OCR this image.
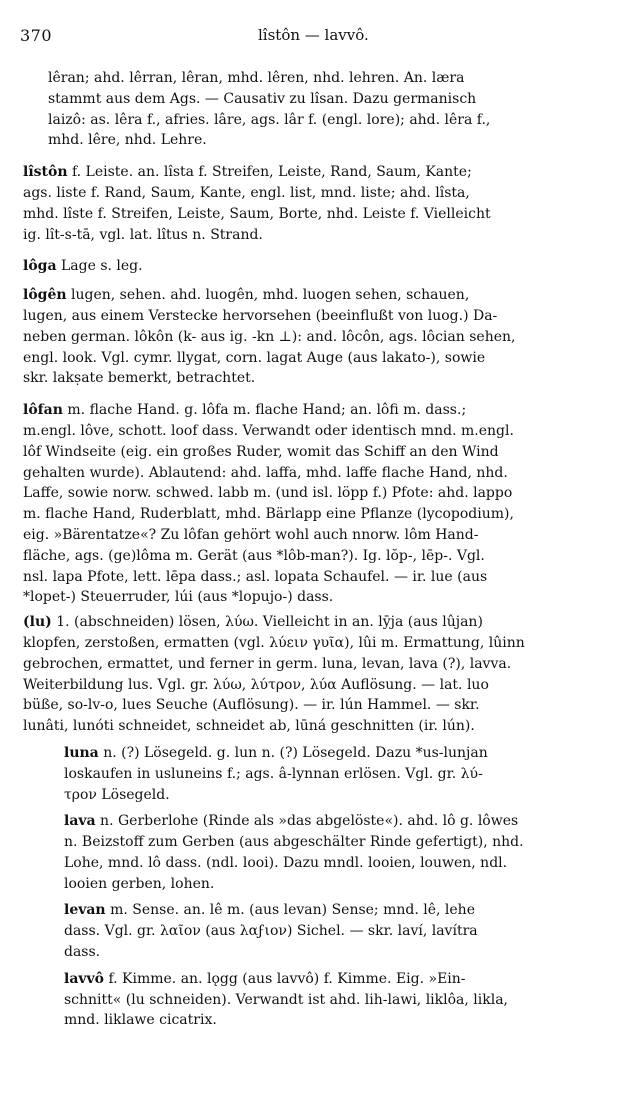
370	lîstôn — lavvô.
lêran; ahd. lêrran, lêran, mhd. lêren, nhd. lehren. An. læra
stammt aus dem Ags. — Causativ zu lîsan. Dazu germanisch
laizô: as. lêra f., afries. lâre, ags. lâr f. (engl. lore); ahd. lêra f.,
mhd. lêre, nhd. Lehre.
lîstôn f. Leiste. an. lîsta f. Streifen, Leiste, Rand, Saum, Kante;
ags. liste f. Rand, Saum, Kante, engl. list, mnd. liste; ahd. lîsta,
mhd. lîste f. Streifen, Leiste, Saum, Borte, nhd. Leiste f. Vielleicht
ig. lît-s-tā, vgl. lat. lîtus n. Strand.
lôga Lage s. leg.
lôgên lugen, sehen. ahd. luogên, mhd. luogen sehen, schauen,
lugen, aus einem Verstecke hervorsehen (beeinflußt von luog.) Da-
neben german. lôkôn (k- aus ig. -kn ⊥): and. lôcôn, ags. lôcian sehen,
engl. look. Vgl. cymr. llygat, corn. lagat Auge (aus lakato-), sowie
skr. lakṣate bemerkt, betrachtet.
lôfan m. flache Hand. g. lôfa m. flache Hand; an. lôfi m. dass.;
m.engl. lôve, schott. loof dass. Verwandt oder identisch mnd. m.engl.
lôf Windseite (eig. ein großes Ruder, womit das Schiff an den Wind
gehalten wurde). Ablautend: ahd. laffa, mhd. laffe flache Hand, nhd.
Laffe, sowie norw. schwed. labb m. (und isl. löpp f.) Pfote: ahd. lappo
m. flache Hand, Ruderblatt, mhd. Bärlapp eine Pflanze (lycopodium),
eig. »Bärentatze«? Zu lôfan gehört wohl auch nnorw. lôm Hand-
fläche, ags. (ge)lôma m. Gerät (aus *lôb-man?). Ig. lŏp-, lēp-. Vgl.
nsl. lapa Pfote, lett. lēpa dass.; asl. lopata Schaufel. — ir. lue (aus
*lopet-) Steuerruder, lúi (aus *lopujo-) dass.
(lu) 1. (abschneiden) lösen, λύω. Vielleicht in an. lȳja (aus lûjan)
klopfen, zerstoßen, ermatten (vgl. λύειν γυῖα), lûi m. Ermattung, lûinn
gebrochen, ermattet, und ferner in germ. luna, levan, lava (?), lavva.
Weiterbildung lus. Vgl. gr. λύω, λύτρον, λύα Auflösung. — lat. luo
büße, so-lv-o, lues Seuche (Auflösung). — ir. lún Hammel. — skr.
lunâti, lunóti schneidet, schneidet ab, lūná geschnitten (ir. lún).
luna n. (?) Lösegeld. g. lun n. (?) Lösegeld. Dazu *us-lunjan
loskaufen in usluneins f.; ags. â-lynnan erlösen. Vgl. gr. λύ-
τρον Lösegeld.
lava n. Gerberlohe (Rinde als »das abgelöste«). ahd. lô g. lôwes
n. Beizstoff zum Gerben (aus abgeschälter Rinde gefertigt), nhd.
Lohe, mnd. lô dass. (ndl. looi). Dazu mndl. looien, louwen, ndl.
looien gerben, lohen.
levan m. Sense. an. lê m. (aus levan) Sense; mnd. lê, lehe
dass. Vgl. gr. λαῖον (aus λαϝιον) Sichel. — skr. laví, lavítra
dass.
lavvô f. Kimme. an. lǫgg (aus lavvô) f. Kimme. Eig. »Ein-
schnitt« (lu schneiden). Verwandt ist ahd. lih-lawi, liklôa, likla,
mnd. liklawe cicatrix.
